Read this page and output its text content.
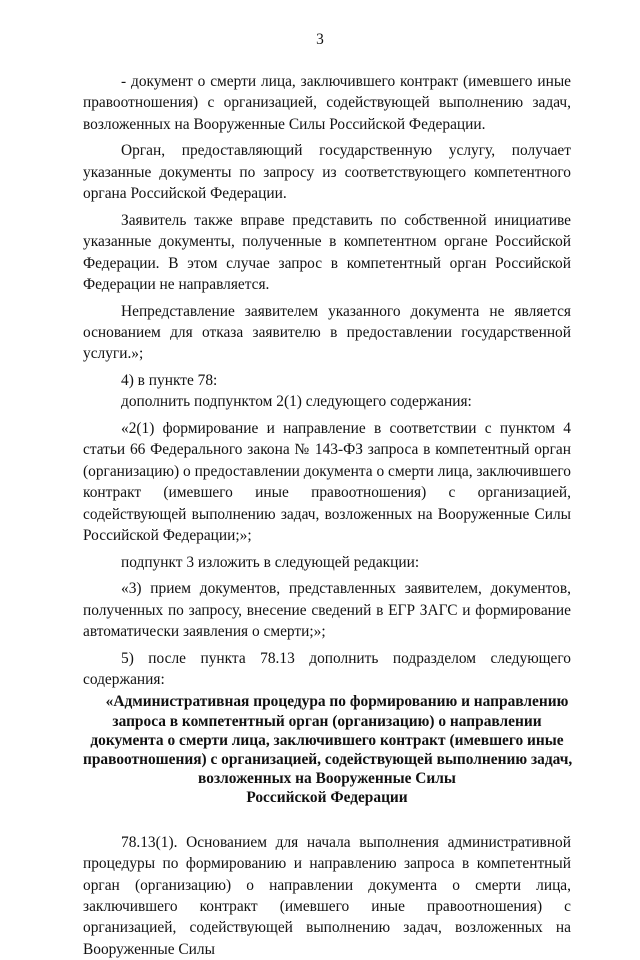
3

- документ о смерти лица, заключившего контракт (имевшего иные правоотношения) с организацией, содействующей выполнению задач, возложенных на Вооруженные Силы Российской Федерации.

Орган, предоставляющий государственную услугу, получает указанные документы по запросу из соответствующего компетентного органа Российской Федерации.

Заявитель также вправе представить по собственной инициативе указанные документы, полученные в компетентном органе Российской Федерации. В этом случае запрос в компетентный орган Российской Федерации не направляется.

Непредставление заявителем указанного документа не является основанием для отказа заявителю в предоставлении государственной услуги.»;

4) в пункте 78:

дополнить подпунктом 2(1) следующего содержания:

«2(1) формирование и направление в соответствии с пунктом 4 статьи 66 Федерального закона № 143-ФЗ запроса в компетентный орган (организацию) о предоставлении документа о смерти лица, заключившего контракт (имевшего иные правоотношения) с организацией, содействующей выполнению задач, возложенных на Вооруженные Силы Российской Федерации;»;

подпункт 3 изложить в следующей редакции:

«3) прием документов, представленных заявителем, документов, полученных по запросу, внесение сведений в ЕГР ЗАГС и формирование автоматически заявления о смерти;»;

5) после пункта 78.13 дополнить подразделом следующего содержания:

«Административная процедура по формированию и направлению
запроса в компетентный орган (организацию) о направлении
документа о смерти лица, заключившего контракт (имевшего иные
правоотношения) с организацией, содействующей выполнению задач,
возложенных на Вооруженные Силы
Российской Федерации

78.13(1). Основанием для начала выполнения административной процедуры по формированию и направлению запроса в компетентный орган (организацию) о направлении документа о смерти лица, заключившего контракт (имевшего иные правоотношения) с организацией, содействующей выполнению задач, возложенных на Вооруженные Силы
